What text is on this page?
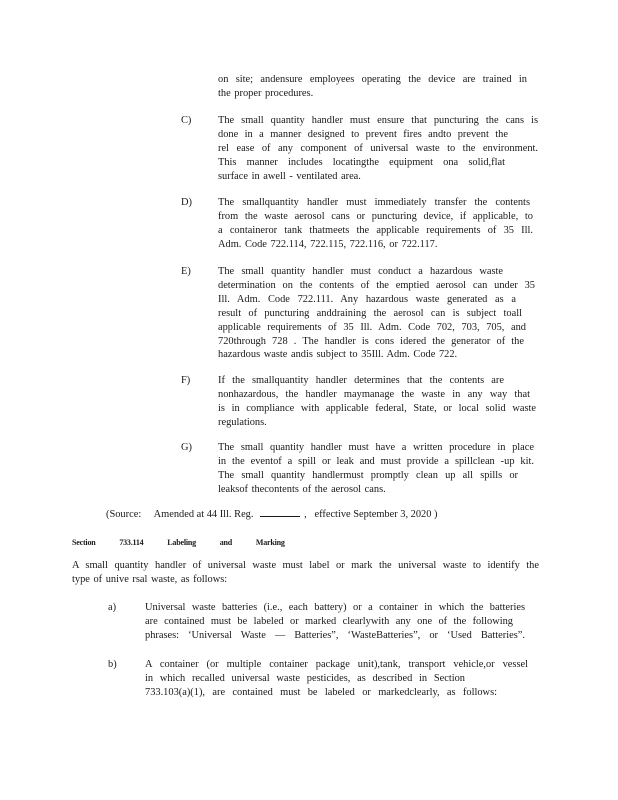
on site; andensure employees operating the device are trained in
the proper procedures.
C)	The small quantity handler must ensure that puncturing the cans is
done in a manner designed to prevent fires andto prevent the
rel ease of any component of universal waste to the environment.
This manner includes locatingthe equipment ona solid,flat
surface in awell - ventilated area.
D)	The smallquantity handler must immediately transfer the contents
from the waste aerosol cans or puncturing device, if applicable, to
a containeror tank thatmeets the applicable requirements of 35 Ill.
Adm. Code 722.114, 722.115, 722.116, or 722.117.
E)	The small quantity handler must conduct a hazardous waste
determination on the contents of the emptied aerosol can under 35
Ill. Adm. Code 722.111. Any hazardous waste generated as a
result of puncturing anddraining the aerosol can is subject toall
applicable requirements of 35 Ill. Adm. Code 702, 703, 705, and
720through 728 . The handler is cons idered the generator of the
hazardous waste andis subject to 35Ill. Adm. Code 722.
F)	If the smallquantity handler determines that the contents are
nonhazardous, the handler maymanage the waste in any way that
is in compliance with applicable federal, State, or local solid waste
regulations.
G)	The small quantity handler must have a written procedure in place
in the eventof a spill or leak and must provide a spillclean -up kit.
The small quantity handlermust promptly clean up all spills or
leaksof thecontents of the aerosol cans.

(Source: Amended at 44 Ill. Reg.	, effective September 3, 2020 )

Section	733.114	Labeling	and	Marking

A small quantity handler of universal waste must label or mark the universal waste to identify the
type of unive rsal waste, as follows:
a)	Universal waste batteries (i.e., each battery) or a container in which the batteries
are contained must be labeled or marked clearlywith any one of the following
phrases: ‘Universal Waste — Batteries”, ‘WasteBatteries”, or ‘Used Batteries”.
b)	A container (or multiple container package unit),tank, transport vehicle,or vessel
in which recalled universal waste pesticides, as described in Section
733.103(a)(1), are contained must be labeled or markedclearly, as follows:
